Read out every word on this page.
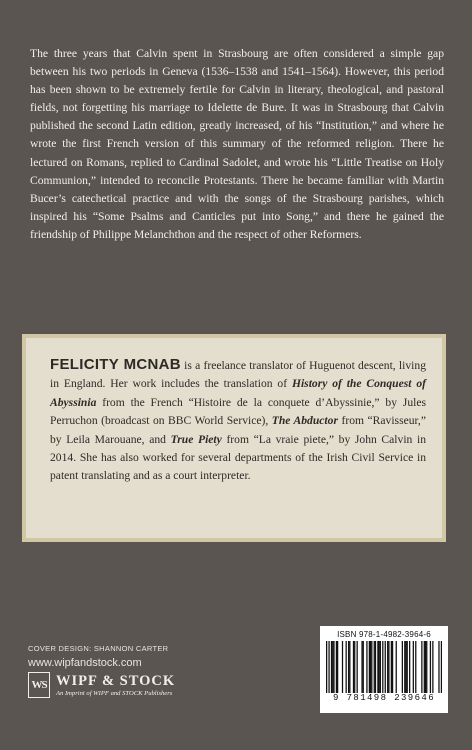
The three years that Calvin spent in Strasbourg are often considered a simple gap between his two periods in Geneva (1536–1538 and 1541–1564). However, this period has been shown to be extremely fertile for Calvin in literary, theological, and pastoral fields, not forgetting his marriage to Idelette de Bure. It was in Strasbourg that Calvin published the second Latin edition, greatly increased, of his “Institution,” and where he wrote the first French version of this summary of the reformed religion. There he lectured on Romans, replied to Cardinal Sadolet, and wrote his “Little Treatise on Holy Communion,” intended to reconcile Protestants. There he became familiar with Martin Bucer’s catechetical practice and with the songs of the Strasbourg parishes, which inspired his “Some Psalms and Canticles put into Song,” and there he gained the friendship of Philippe Melanchthon and the respect of other Reformers.

FELICITY MCNAB is a freelance translator of Huguenot descent, living in England. Her work includes the translation of History of the Conquest of Abyssinia from the French “Histoire de la conquete d’Abyssinie,” by Jules Perruchon (broadcast on BBC World Service), The Abductor from “Ravisseur,” by Leila Marouane, and True Piety from “La vraie piete,” by John Calvin in 2014. She has also worked for several departments of the Irish Civil Service in patent translating and as a court interpreter.

COVER DESIGN: SHANNON CARTER
www.wipfandstock.com
WS WIPF & STOCK
An Imprint of WIPF and STOCK Publishers
ISBN 978-1-4982-3964-6
9 781498 239646
